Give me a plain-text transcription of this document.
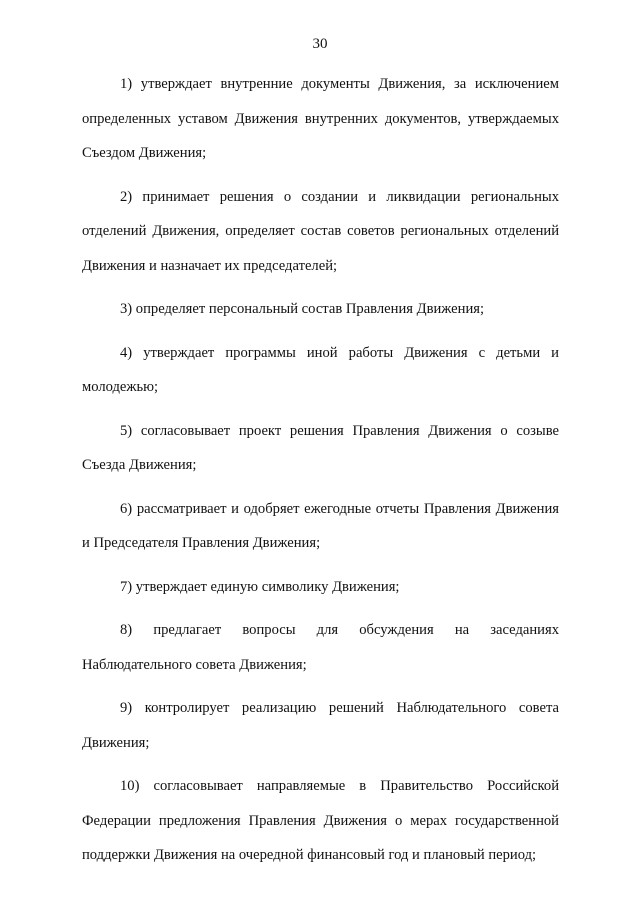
30

1) утверждает внутренние документы Движения, за исключением определенных уставом Движения внутренних документов, утверждаемых Съездом Движения;

2) принимает решения о создании и ликвидации региональных отделений Движения, определяет состав советов региональных отделений Движения и назначает их председателей;

3) определяет персональный состав Правления Движения;

4) утверждает программы иной работы Движения с детьми и молодежью;

5) согласовывает проект решения Правления Движения о созыве Съезда Движения;

6) рассматривает и одобряет ежегодные отчеты Правления Движения и Председателя Правления Движения;

7) утверждает единую символику Движения;

8) предлагает вопросы для обсуждения на заседаниях Наблюдательного совета Движения;

9) контролирует реализацию решений Наблюдательного совета Движения;

10) согласовывает направляемые в Правительство Российской Федерации предложения Правления Движения о мерах государственной поддержки Движения на очередной финансовый год и плановый период;
